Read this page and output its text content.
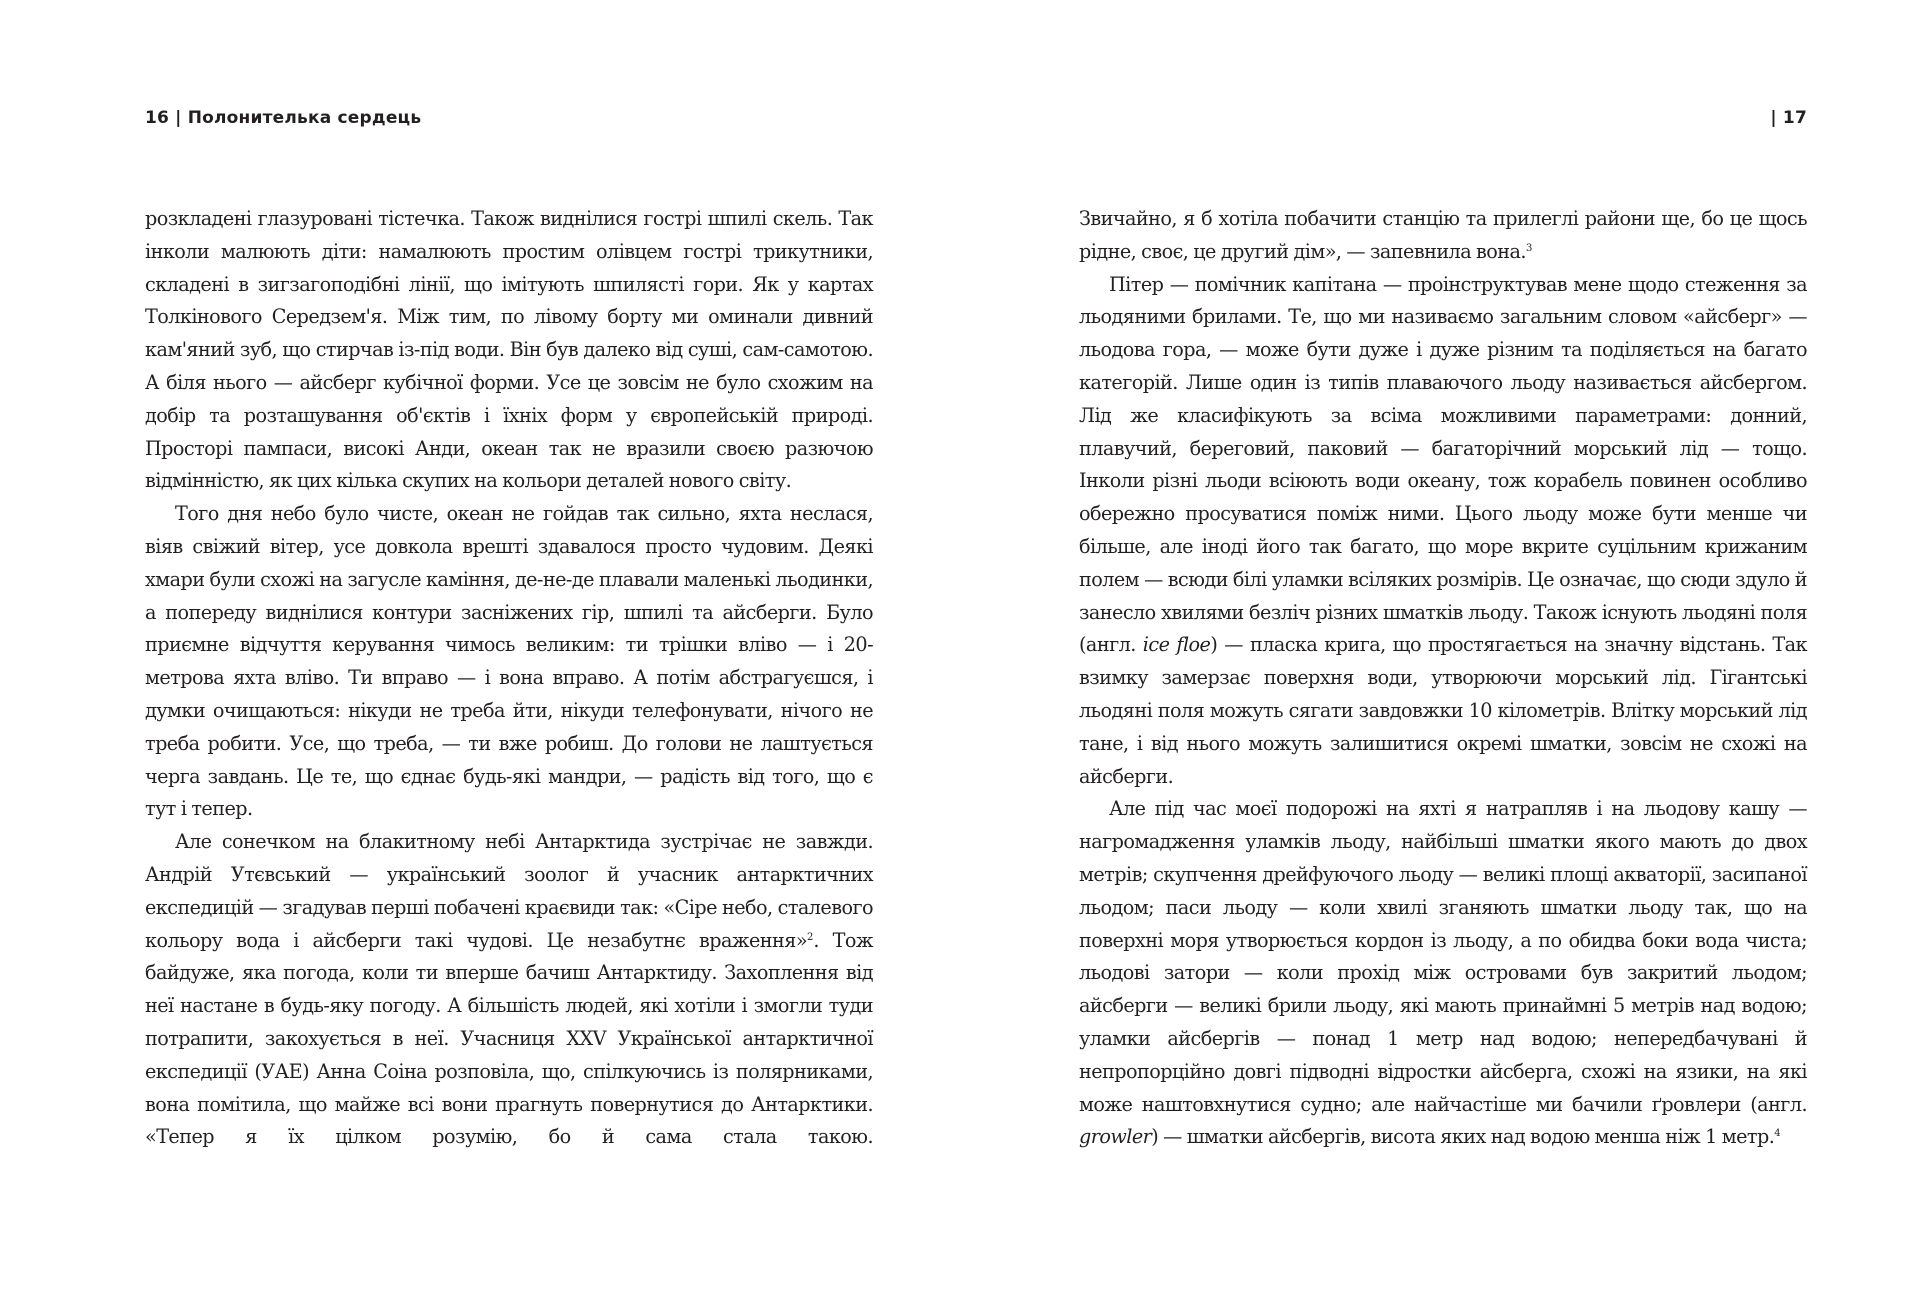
16 | Полонителька сердець

розкладені глазуровані тістечка. Також виднілися гострі шпилі скель. Так інколи малюють діти: намалюють простим олівцем гострі трикутники, складені в зигзагоподібні лінії, що імітують шпилясті гори. Як у картах Толкінового Середзем'я. Між тим, по лівому борту ми оминали дивний кам'яний зуб, що стирчав із-під води. Він був далеко від суші, сам-самотою. А біля нього — айсберг кубічної форми. Усе це зовсім не було схожим на добір та розташування об'єктів і їхніх форм у європейській природі. Просторі пампаси, високі Анди, океан так не вразили своєю разючою відмінністю, як цих кілька скупих на кольори деталей нового світу.

Того дня небо було чисте, океан не гойдав так сильно, яхта неслася, віяв свіжий вітер, усе довкола врешті здавалося просто чудовим. Деякі хмари були схожі на загусле каміння, де-не-де плавали маленькі льодинки, а попереду виднілися контури засніжених гір, шпилі та айсберги. Було приємне відчуття керування чимось великим: ти трішки вліво — і 20-метрова яхта вліво. Ти вправо — і вона вправо. А потім абстрагуєшся, і думки очищаються: нікуди не треба йти, нікуди телефонувати, нічого не треба робити. Усе, що треба, — ти вже робиш. До голови не лаштується черга завдань. Це те, що єднає будь-які мандри, — радість від того, що є тут і тепер.

Але сонечком на блакитному небі Антарктида зустрічає не завжди. Андрій Утєвський — український зоолог й учасник антарктичних експедицій — згадував перші побачені краєвиди так: «Сіре небо, сталевого кольору вода і айсберги такі чудові. Це незабутнє враження»$^2$. Тож байдуже, яка погода, коли ти вперше бачиш Антарктиду. Захоплення від неї настане в будь-яку погоду. А більшість людей, які хотіли і змогли туди потрапити, закохується в неї. Учасниця XXV Української антарктичної експедиції (УАЕ) Анна Соіна розповіла, що, спілкуючись із полярниками, вона помітила, що майже всі вони прагнуть повернутися до Антарктики. «Тепер я їх цілком розумію, бо й сама стала такою.

| 17

Звичайно, я б хотіла побачити станцію та прилеглі райони ще, бо це щось рідне, своє, це другий дім», — запевнила вона.$^3$

Пітер — помічник капітана — проінструктував мене щодо стеження за льодяними брилами. Те, що ми називаємо загальним словом «айсберг» — льодова гора, — може бути дуже і дуже різним та поділяється на багато категорій. Лише один із типів плаваючого льоду називається айсбергом. Лід же класифікують за всіма можливими параметрами: донний, плавучий, береговий, паковий — багаторічний морський лід — тощо. Інколи різні льоди всіюють води океану, тож корабель повинен особливо обережно просуватися поміж ними. Цього льоду може бути менше чи більше, але іноді його так багато, що море вкрите суцільним крижаним полем — всюди білі уламки всіляких розмірів. Це означає, що сюди здуло й занесло хвилями безліч різних шматків льоду. Також існують льодяні поля (англ. ice floe) — пласка крига, що простягається на значну відстань. Так взимку замерзає поверхня води, утворюючи морський лід. Гігантські льодяні поля можуть сягати завдовжки 10 кілометрів. Влітку морський лід тане, і від нього можуть залишитися окремі шматки, зовсім не схожі на айсберги.

Але під час моєї подорожі на яхті я натрапляв і на льодову кашу — нагромадження уламків льоду, найбільші шматки якого мають до двох метрів; скупчення дрейфуючого льоду — великі площі акваторії, засипаної льодом; паси льоду — коли хвилі зганяють шматки льоду так, що на поверхні моря утворюється кордон із льоду, а по обидва боки вода чиста; льодові затори — коли прохід між островами був закритий льодом; айсберги — великі брили льоду, які мають принаймні 5 метрів над водою; уламки айсбергів — понад 1 метр над водою; непередбачувані й непропорційно довгі підводні відростки айсберга, схожі на язики, на які може наштовхнутися судно; але найчастіше ми бачили ґровлери (англ. growler) — шматки айсбергів, висота яких над водою менша ніж 1 метр.$^4$
